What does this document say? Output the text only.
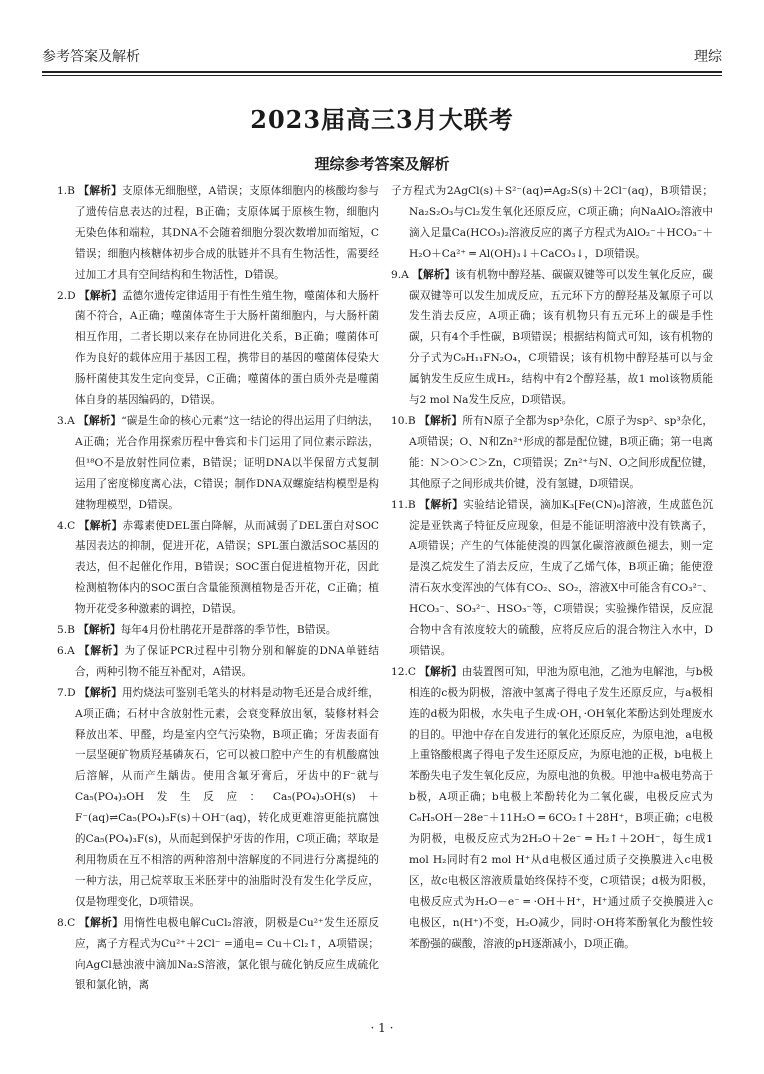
参考答案及解析	理综
2023届高三3月大联考
理综参考答案及解析

1.B 【解析】支原体无细胞壁，A错误；支原体细胞内的核酸均参与了遗传信息表达的过程，B正确；支原体属于原核生物，细胞内无染色体和端粒，其DNA不会随着细胞分裂次数增加而缩短，C错误；细胞内核糖体初步合成的肽链并不具有生物活性，需要经过加工才具有空间结构和生物活性，D错误。

2.D 【解析】孟德尔遗传定律适用于有性生殖生物，噬菌体和大肠杆菌不符合，A正确；噬菌体寄生于大肠杆菌细胞内，与大肠杆菌相互作用，二者长期以来存在协同进化关系，B正确；噬菌体可作为良好的载体应用于基因工程，携带目的基因的噬菌体侵染大肠杆菌使其发生定向变异，C正确；噬菌体的蛋白质外壳是噬菌体自身的基因编码的，D错误。

3.A 【解析】“碳是生命的核心元素”这一结论的得出运用了归纳法，A正确；光合作用探索历程中鲁宾和卡门运用了同位素示踪法，但¹⁸O不是放射性同位素，B错误；证明DNA以半保留方式复制运用了密度梯度离心法，C错误；制作DNA双螺旋结构模型是构建物理模型，D错误。

4.C 【解析】赤霉素使DEL蛋白降解，从而减弱了DEL蛋白对SOC基因表达的抑制，促进开花，A错误；SPL蛋白激活SOC基因的表达，但不起催化作用，B错误；SOC蛋白促进植物开花，因此检测植物体内的SOC蛋白含量能预测植物是否开花，C正确；植物开花受多种激素的调控，D错误。

5.B 【解析】每年4月份杜鹃花开是群落的季节性，B错误。

6.A 【解析】为了保证PCR过程中引物分别和解旋的DNA单链结合，两种引物不能互补配对，A错误。

7.D 【解析】用灼烧法可鉴别毛笔头的材料是动物毛还是合成纤维，A项正确；石材中含放射性元素，会衰变释放出氡，装修材料会释放出苯、甲醛，均是室内空气污染物，B项正确；牙齿表面有一层坚硬矿物质羟基磷灰石，它可以被口腔中产生的有机酸腐蚀后溶解，从而产生龋齿。使用含氟牙膏后，牙齿中的F⁻就与Ca₅(PO₄)₃OH发生反应：Ca₅(PO₄)₃OH(s)＋F⁻(aq)⇌Ca₅(PO₄)₃F(s)＋OH⁻(aq)，转化成更难溶更能抗腐蚀的Ca₅(PO₄)₃F(s)，从而起到保护牙齿的作用，C项正确；萃取是利用物质在互不相溶的两种溶剂中溶解度的不同进行分离提纯的一种方法，用己烷萃取玉米胚芽中的油脂时没有发生化学反应，仅是物理变化，D项错误。

8.C 【解析】用惰性电极电解CuCl₂溶液，阴极是Cu²⁺发生还原反应，离子方程式为Cu²⁺＋2Cl⁻ =通电= Cu＋Cl₂↑，A项错误；向AgCl悬浊液中滴加Na₂S溶液，氯化银与硫化钠反应生成硫化银和氯化钠，离

子方程式为2AgCl(s)＋S²⁻(aq)⇌Ag₂S(s)＋2Cl⁻(aq)，B项错误；Na₂S₂O₃与Cl₂发生氧化还原反应，C项正确；向NaAlO₂溶液中滴入足量Ca(HCO₃)₂溶液反应的离子方程式为AlO₂⁻＋HCO₃⁻＋H₂O＋Ca²⁺ ═ Al(OH)₃↓＋CaCO₃↓，D项错误。

9.A 【解析】该有机物中醇羟基、碳碳双键等可以发生氧化反应，碳碳双键等可以发生加成反应，五元环下方的醇羟基及氟原子可以发生消去反应，A项正确；该有机物只有五元环上的碳是手性碳，只有4个手性碳，B项错误；根据结构简式可知，该有机物的分子式为C₉H₁₁FN₂O₄，C项错误；该有机物中醇羟基可以与金属钠发生反应生成H₂，结构中有2个醇羟基，故1 mol该物质能与2 mol Na发生反应，D项错误。

10.B 【解析】所有N原子全都为sp³杂化，C原子为sp²、sp³杂化，A项错误；O、N和Zn²⁺形成的都是配位键，B项正确；第一电离能：N＞O＞C＞Zn，C项错误；Zn²⁺与N、O之间形成配位键，其他原子之间形成共价键，没有氢键，D项错误。

11.B 【解析】实验结论错误，滴加K₃[Fe(CN)₆]溶液，生成蓝色沉淀是亚铁离子特征反应现象，但是不能证明溶液中没有铁离子，A项错误；产生的气体能使溴的四氯化碳溶液颜色褪去，则一定是溴乙烷发生了消去反应，生成了乙烯气体，B项正确；能使澄清石灰水变浑浊的气体有CO₂、SO₂，溶液X中可能含有CO₃²⁻、HCO₃⁻、SO₃²⁻、HSO₃⁻等，C项错误；实验操作错误，反应混合物中含有浓度较大的硫酸，应将反应后的混合物注入水中，D项错误。

12.C 【解析】由装置图可知，甲池为原电池，乙池为电解池，与b极相连的c极为阴极，溶液中氢离子得电子发生还原反应，与a极相连的d极为阳极，水失电子生成·OH，·OH氧化苯酚达到处理废水的目的。甲池中存在自发进行的氧化还原反应，为原电池，a电极上重铬酸根离子得电子发生还原反应，为原电池的正极，b电极上苯酚失电子发生氧化反应，为原电池的负极。甲池中a极电势高于b极，A项正确；b电极上苯酚转化为二氧化碳，电极反应式为C₆H₅OH－28e⁻＋11H₂O ═ 6CO₂↑＋28H⁺，B项正确；c电极为阴极，电极反应式为2H₂O＋2e⁻ ═ H₂↑＋2OH⁻，每生成1 mol H₂同时有2 mol H⁺从d电极区通过质子交换膜进入c电极区，故c电极区溶液质量始终保持不变，C项错误；d极为阳极，电极反应式为H₂O－e⁻ ═ ·OH＋H⁺，H⁺通过质子交换膜进入c电极区，n(H⁺)不变，H₂O减少，同时·OH将苯酚氧化为酸性较苯酚强的碳酸，溶液的pH逐渐减小，D项正确。

· 1 ·
